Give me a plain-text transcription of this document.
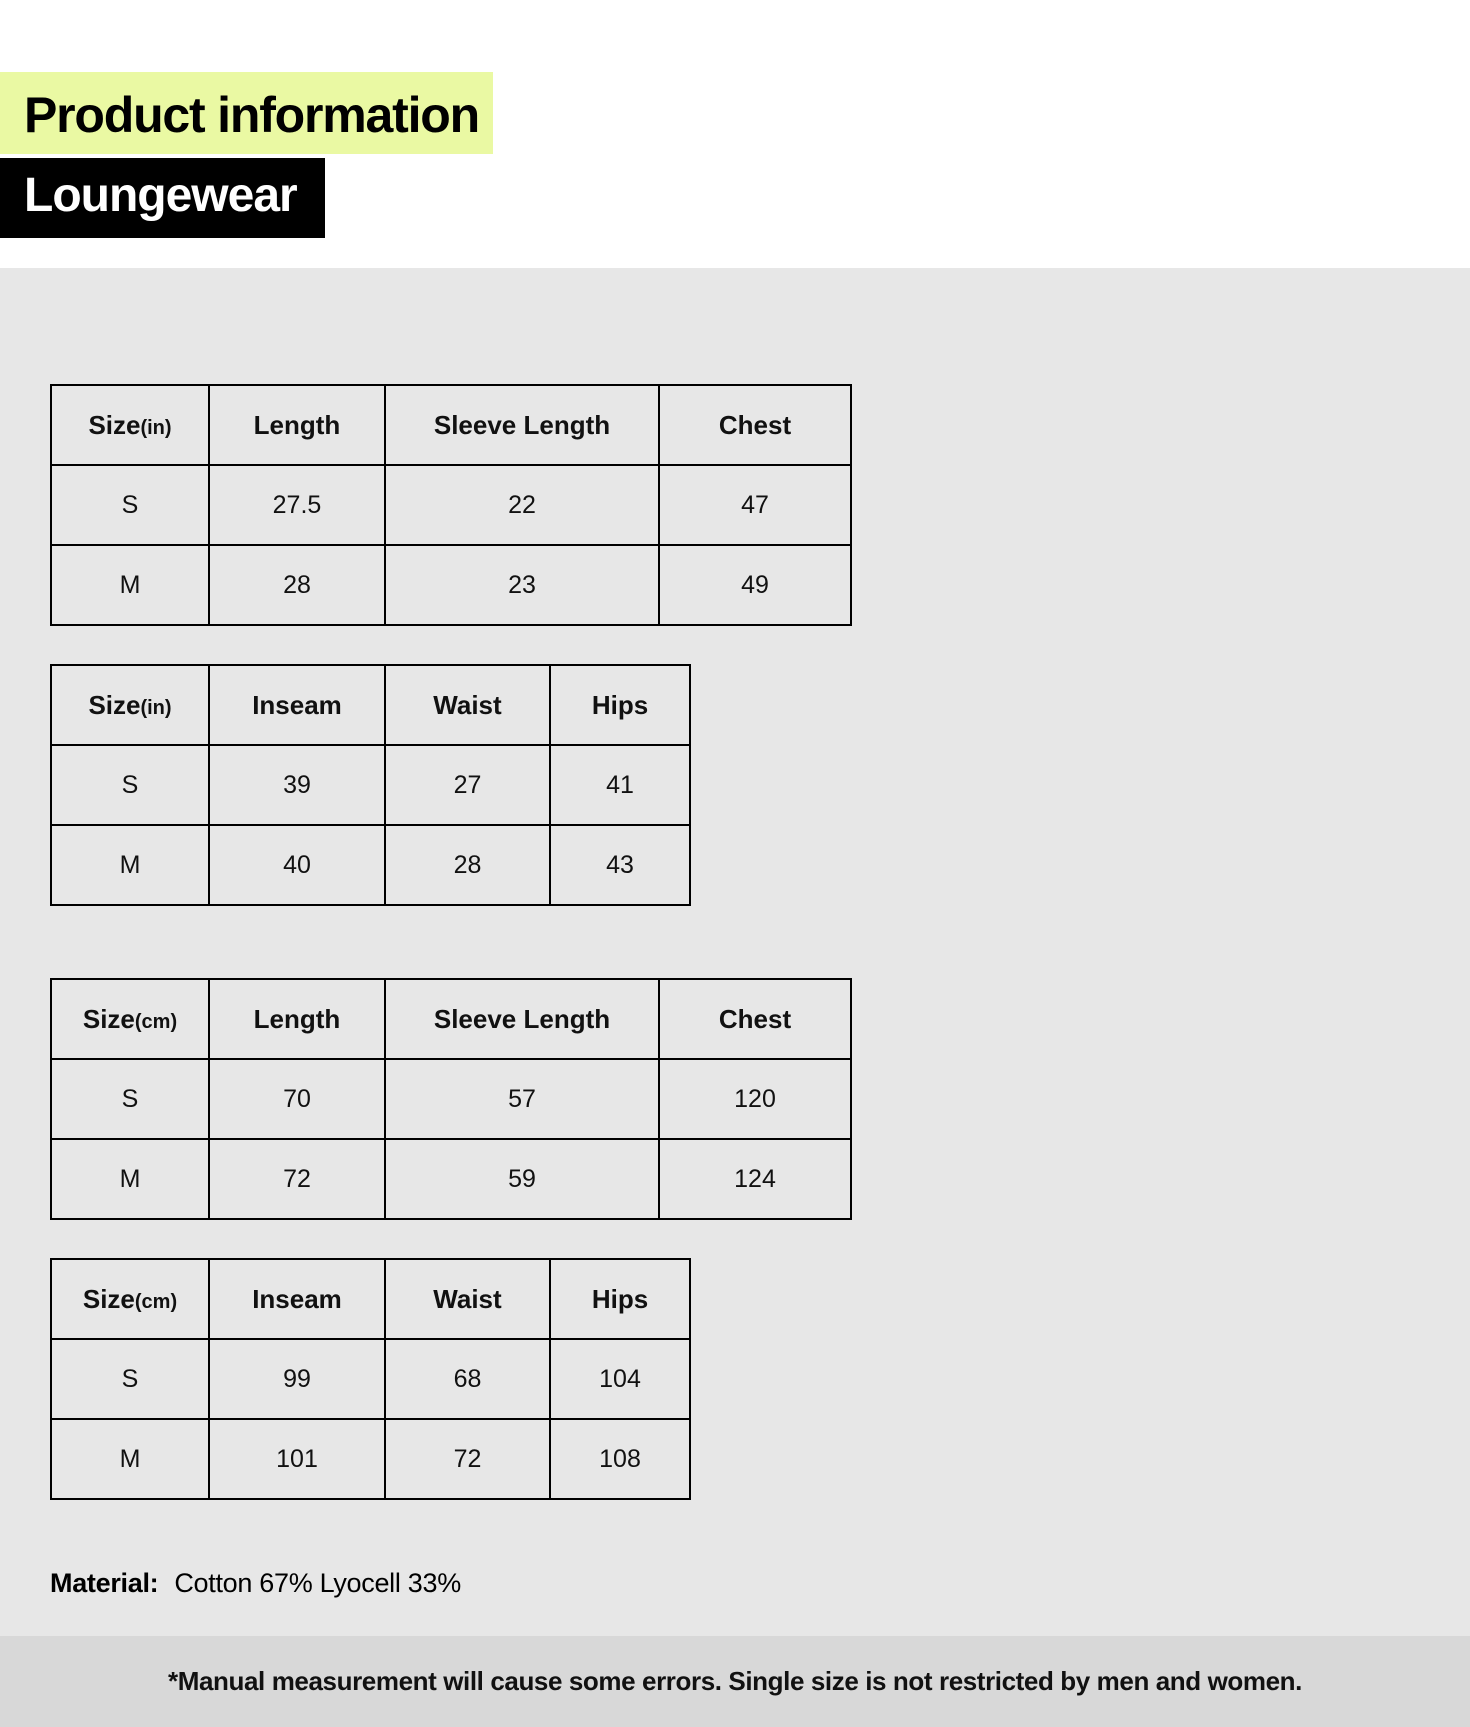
Product information
Loungewear
Size(in)	Length	Sleeve Length	Chest
S	27.5	22	47
M	28	23	49
Size(in)	Inseam	Waist	Hips
S	39	27	41
M	40	28	43
Size(cm)	Length	Sleeve Length	Chest
S	70	57	120
M	72	59	124
Size(cm)	Inseam	Waist	Hips
S	99	68	104
M	101	72	108
Material: Cotton 67% Lyocell 33%
*Manual measurement will cause some errors. Single size is not restricted by men and women.
